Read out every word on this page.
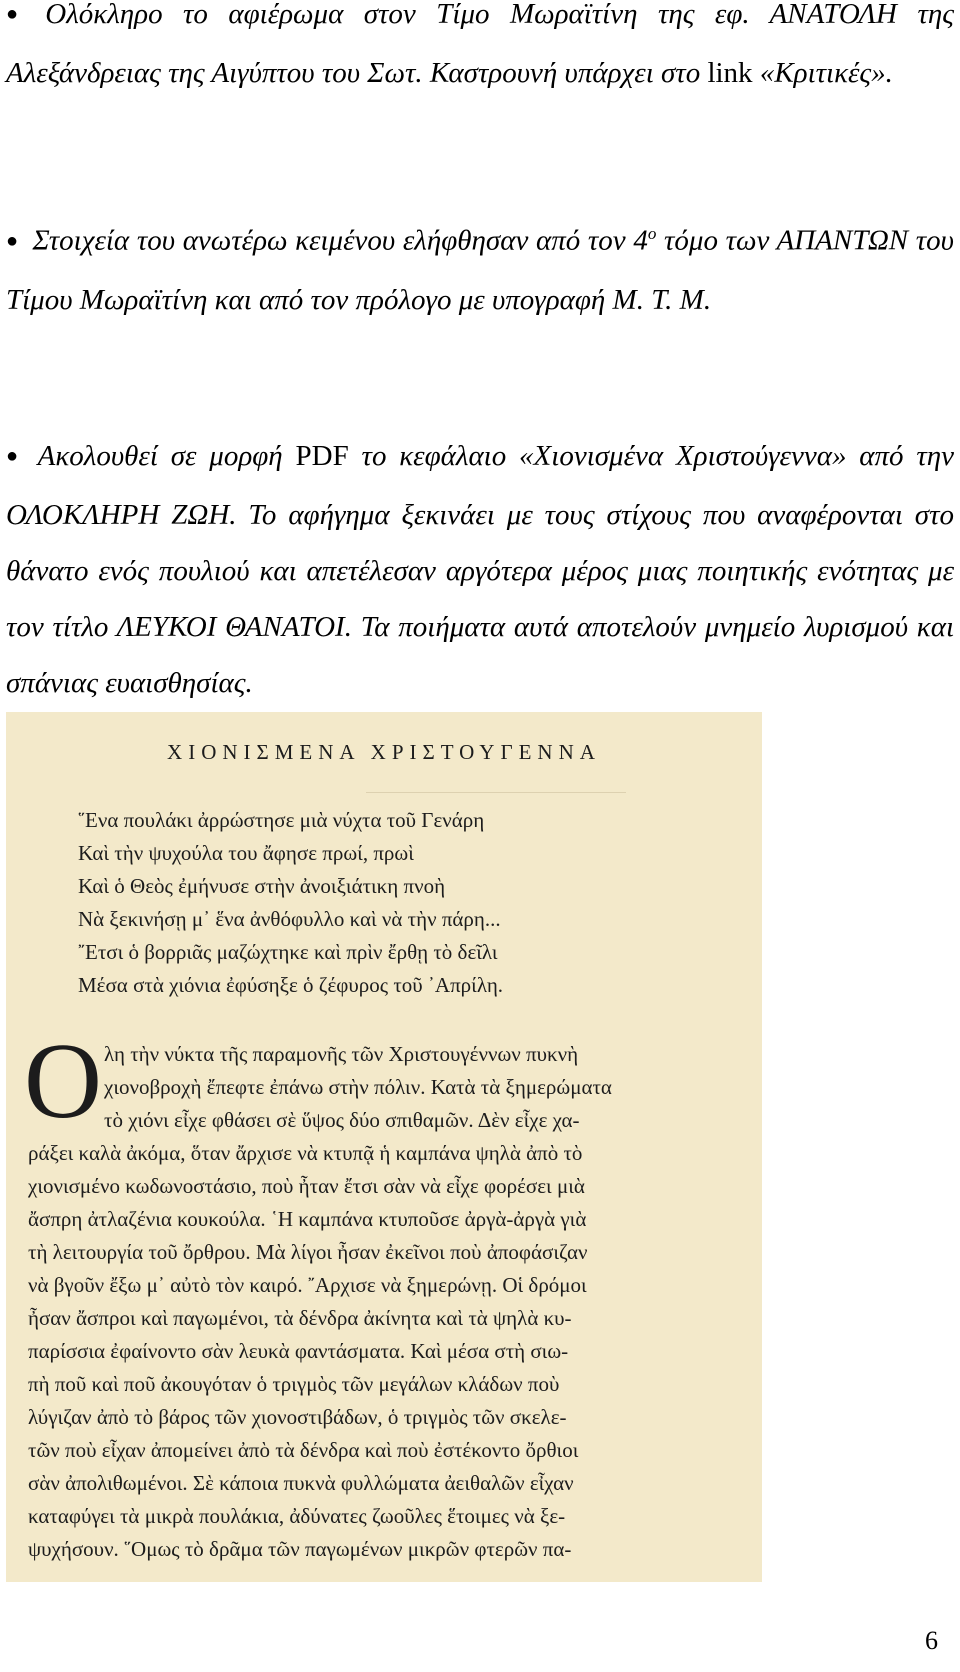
● Ολόκληρο το αφιέρωμα στον Τίμο Μωραϊτίνη της εφ. ΑΝΑΤΟΛΗ της Αλεξάνδρειας της Αιγύπτου του Σωτ. Καστρουνή υπάρχει στο link «Κριτικές».

● Στοιχεία του ανωτέρω κειμένου ελήφθησαν από τον $4^o$ τόμο των ΑΠΑΝΤΩΝ του Τίμου Μωραϊτίνη και από τον πρόλογο με υπογραφή Μ. Τ. Μ.

● Ακολουθεί σε μορφή PDF το κεφάλαιο «Χιονισμένα Χριστούγεννα» από την ΟΛΟΚΛΗΡΗ ΖΩΗ. Το αφήγημα ξεκινάει με τους στίχους που αναφέρονται στο θάνατο ενός πουλιού και απετέλεσαν αργότερα μέρος μιας ποιητικής ενότητας με τον τίτλο ΛΕΥΚΟΙ ΘΑΝΑΤΟΙ. Τα ποιήματα αυτά αποτελούν μνημείο λυρισμού και σπάνιας ευαισθησίας.

ΧΙΟΝΙΣΜΕΝΑ ΧΡΙΣΤΟΥΓΕΝΝΑ
῞Ενα πουλάκι ἀρρώστησε μιὰ νύχτα τοῦ Γενάρη
Καὶ τὴν ψυχούλα του ἄφησε πρωί, πρωὶ
Καὶ ὁ Θεὸς ἐμήνυσε στὴν ἀνοιξιάτικη πνοὴ
Νὰ ξεκινήσῃ μ᾿ ἕνα ἀνθόφυλλο καὶ νὰ τὴν πάρη...
῎Ετσι ὁ βορριᾶς μαζώχτηκε καὶ πρὶν ἔρθῃ τὸ δεῖλι
Μέσα στὰ χιόνια ἐφύσηξε ὁ ζέφυρος τοῦ ᾿Απρίλη.
Ο λη τὴν νύκτα τῆς παραμονῆς τῶν Χριστουγέννων πυκνὴ
χιονοβροχὴ ἔπεφτε ἐπάνω στὴν πόλιν. Κατὰ τὰ ξημερώματα
τὸ χιόνι εἶχε φθάσει σὲ ὕψος δύο σπιθαμῶν. Δὲν εἶχε χα-
ράξει καλὰ ἀκόμα, ὅταν ἄρχισε νὰ κτυπᾷ ἡ καμπάνα ψηλὰ ἀπὸ τὸ
χιονισμένο κωδωνοστάσιο, ποὺ ἦταν ἔτσι σὰν νὰ εἶχε φορέσει μιὰ
ἄσπρη ἀτλαζένια κουκούλα. ῾Η καμπάνα κτυποῦσε ἀργὰ-ἀργὰ γιὰ
τὴ λειτουργία τοῦ ὄρθρου. Μὰ λίγοι ἦσαν ἐκεῖνοι ποὺ ἀποφάσιζαν
νὰ βγοῦν ἔξω μ᾿ αὐτὸ τὸν καιρό. ῎Αρχισε νὰ ξημερώνῃ. Οἱ δρόμοι
ἦσαν ἄσπροι καὶ παγωμένοι, τὰ δένδρα ἀκίνητα καὶ τὰ ψηλὰ κυ-
παρίσσια ἐφαίνοντο σὰν λευκὰ φαντάσματα. Καὶ μέσα στὴ σιω-
πὴ ποῦ καὶ ποῦ ἀκουγόταν ὁ τριγμὸς τῶν μεγάλων κλάδων ποὺ
λύγιζαν ἀπὸ τὸ βάρος τῶν χιονοστιβάδων, ὁ τριγμὸς τῶν σκελε-
τῶν ποὺ εἶχαν ἀπομείνει ἀπὸ τὰ δένδρα καὶ ποὺ ἐστέκοντο ὄρθιοι
σὰν ἀπολιθωμένοι. Σὲ κάποια πυκνὰ φυλλώματα ἀειθαλῶν εἶχαν
καταφύγει τὰ μικρὰ πουλάκια, ἀδύνατες ζωοῦλες ἕτοιμες νὰ ξε-
ψυχήσουν. ῞Ομως τὸ δρᾶμα τῶν παγωμένων μικρῶν φτερῶν πα-
6
